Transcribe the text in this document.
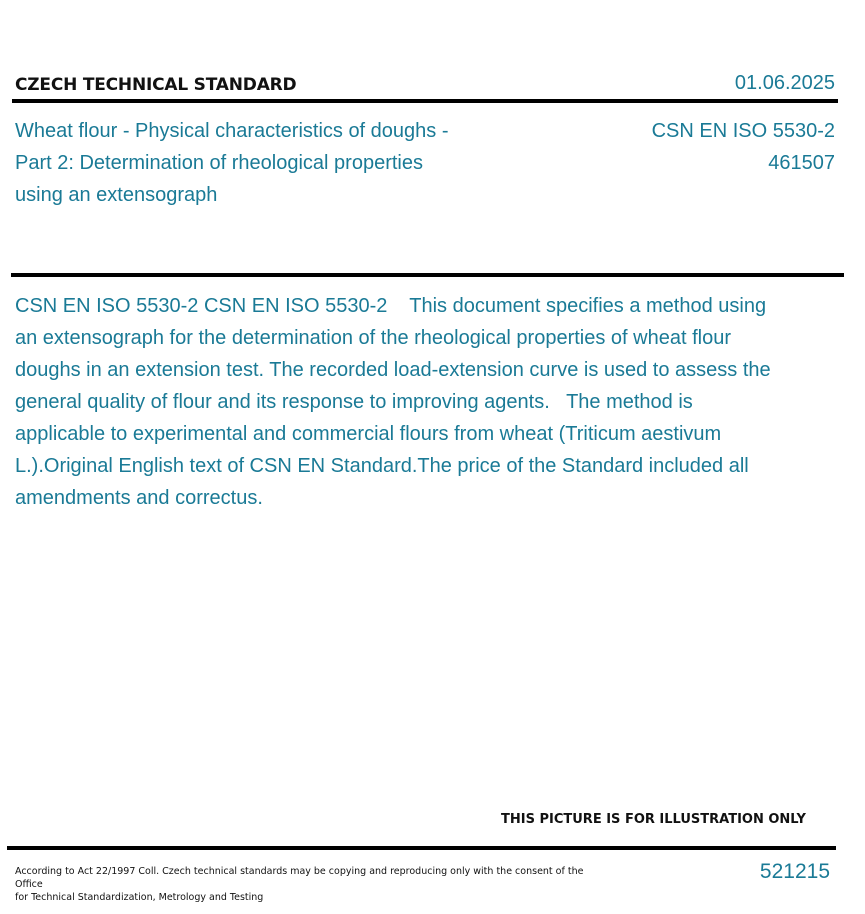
CZECH TECHNICAL STANDARD	01.06.2025
Wheat flour - Physical characteristics of doughs - Part 2: Determination of rheological properties using an extensograph
CSN EN ISO 5530-2
461507
CSN EN ISO 5530-2 CSN EN ISO 5530-2    This document specifies a method using an extensograph for the determination of the rheological properties of wheat flour doughs in an extension test. The recorded load-extension curve is used to assess the general quality of flour and its response to improving agents.   The method is applicable to experimental and commercial flours from wheat (Triticum aestivum L.).Original English text of CSN EN Standard.The price of the Standard included all amendments and correctus.
THIS PICTURE IS FOR ILLUSTRATION ONLY
According to Act 22/1997 Coll. Czech technical standards may be copying and reproducing only with the consent of the Office
for Technical Standardization, Metrology and Testing
521215
